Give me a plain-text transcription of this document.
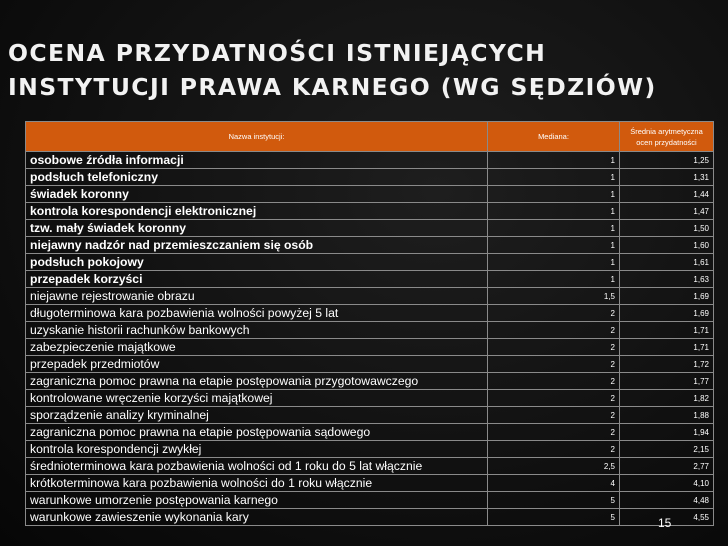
OCENA PRZYDATNOŚCI ISTNIEJĄCYCH
INSTYTUCJI PRAWA KARNEGO (WG SĘDZIÓW)
Nazwa instytucji:	Mediana:	Średnia arytmetyczna
ocen przydatności

osobowe źródła informacji	1	1,25
podsłuch telefoniczny	1	1,31
świadek koronny	1	1,44
kontrola korespondencji elektronicznej	1	1,47
tzw. mały świadek koronny	1	1,50
niejawny nadzór nad przemieszczaniem się osób	1	1,60
podsłuch pokojowy	1	1,61
przepadek korzyści	1	1,63
niejawne rejestrowanie obrazu	1,5	1,69
długoterminowa kara pozbawienia wolności powyżej 5 lat	2	1,69
uzyskanie historii rachunków bankowych	2	1,71
zabezpieczenie majątkowe	2	1,71
przepadek przedmiotów	2	1,72
zagraniczna pomoc prawna na etapie postępowania przygotowawczego	2	1,77
kontrolowane wręczenie korzyści majątkowej	2	1,82
sporządzenie analizy kryminalnej	2	1,88
zagraniczna pomoc prawna na etapie postępowania sądowego	2	1,94
kontrola korespondencji zwykłej	2	2,15
średnioterminowa kara pozbawienia wolności od 1 roku do 5 lat włącznie	2,5	2,77
krótkoterminowa kara pozbawienia wolności do 1 roku włącznie	4	4,10
warunkowe umorzenie postępowania karnego	5	4,48
warunkowe zawieszenie wykonania kary	5	4,55
15
